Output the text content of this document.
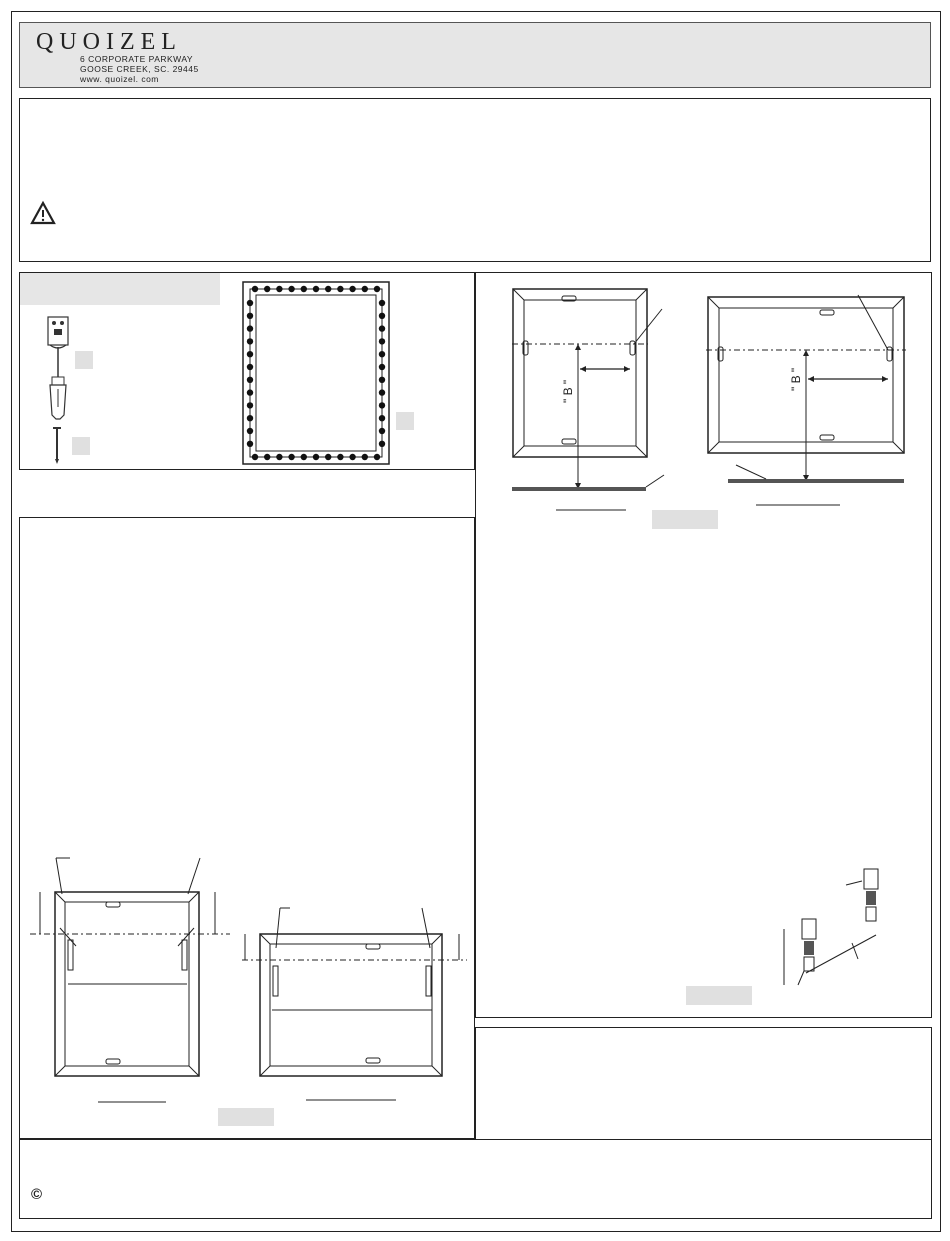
QUOIZEL
6 CORPORATE PARKWAY
GOOSE CREEK, SC. 29445
www. quoizel. com
" B "
" B "
©
